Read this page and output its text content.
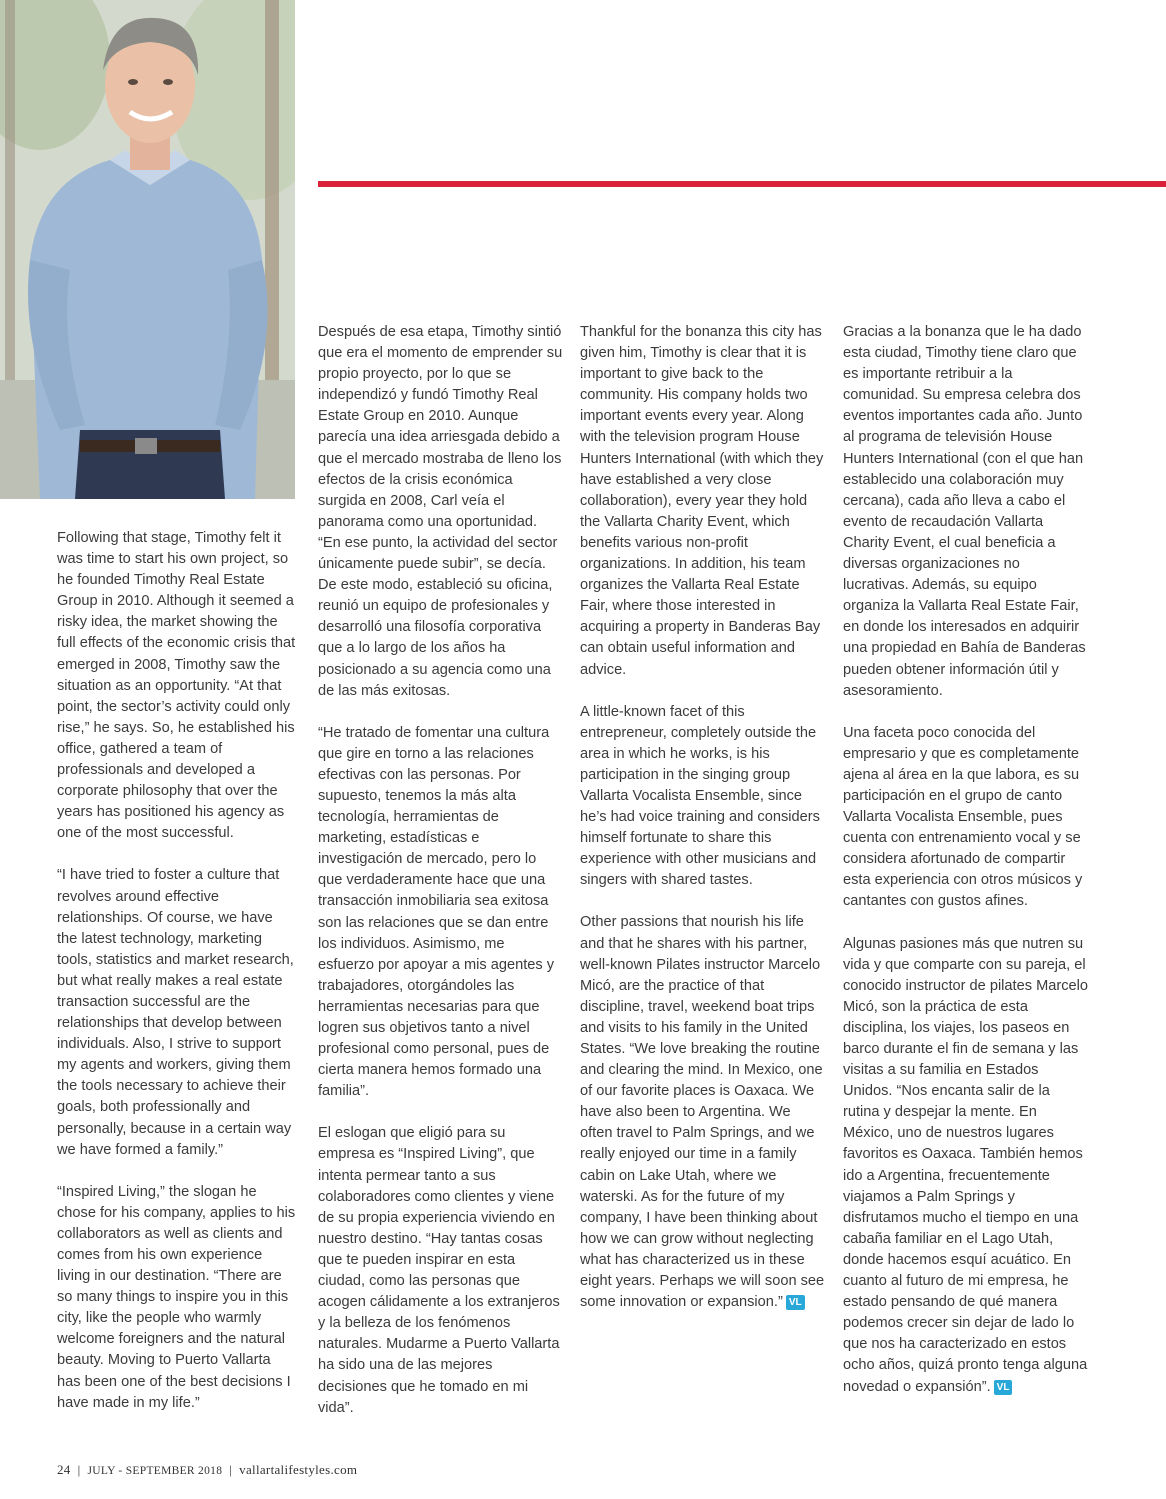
Following that stage, Timothy felt it was time to start his own project, so he founded Timothy Real Estate Group in 2010. Although it seemed a risky idea, the market showing the full effects of the economic crisis that emerged in 2008, Timothy saw the situation as an opportunity. “At that point, the sector’s activity could only rise,” he says. So, he established his office, gathered a team of professionals and developed a corporate philosophy that over the years has positioned his agency as one of the most successful.

“I have tried to foster a culture that revolves around effective relationships. Of course, we have the latest technology, marketing tools, statistics and market research, but what really makes a real estate transaction successful are the relationships that develop between individuals. Also, I strive to support my agents and workers, giving them the tools necessary to achieve their goals, both professionally and personally, because in a certain way we have formed a family.”

“Inspired Living,” the slogan he chose for his company, applies to his collaborators as well as clients and comes from his own experience living in our destination. “There are so many things to inspire you in this city, like the people who warmly welcome foreigners and the natural beauty. Moving to Puerto Vallarta has been one of the best decisions I have made in my life.”

Después de esa etapa, Timothy sintió que era el momento de emprender su propio proyecto, por lo que se independizó y fundó Timothy Real Estate Group en 2010. Aunque parecía una idea arriesgada debido a que el mercado mostraba de lleno los efectos de la crisis económica surgida en 2008, Carl veía el panorama como una oportunidad. “En ese punto, la actividad del sector únicamente puede subir”, se decía. De este modo, estableció su oficina, reunió un equipo de profesionales y desarrolló una filosofía corporativa que a lo largo de los años ha posicionado a su agencia como una de las más exitosas.

“He tratado de fomentar una cultura que gire en torno a las relaciones efectivas con las personas. Por supuesto, tenemos la más alta tecnología, herramientas de marketing, estadísticas e investigación de mercado, pero lo que verdaderamente hace que una transacción inmobiliaria sea exitosa son las relaciones que se dan entre los individuos. Asimismo, me esfuerzo por apoyar a mis agentes y trabajadores, otorgándoles las herramientas necesarias para que logren sus objetivos tanto a nivel profesional como personal, pues de cierta manera hemos formado una familia”.

El eslogan que eligió para su empresa es “Inspired Living”, que intenta permear tanto a sus colaboradores como clientes y viene de su propia experiencia viviendo en nuestro destino. “Hay tantas cosas que te pueden inspirar en esta ciudad, como las personas que acogen cálidamente a los extranjeros y la belleza de los fenómenos naturales. Mudarme a Puerto Vallarta ha sido una de las mejores decisiones que he tomado en mi vida”.

Thankful for the bonanza this city has given him, Timothy is clear that it is important to give back to the community. His company holds two important events every year. Along with the television program House Hunters International (with which they have established a very close collaboration), every year they hold the Vallarta Charity Event, which benefits various non-profit organizations. In addition, his team organizes the Vallarta Real Estate Fair, where those interested in acquiring a property in Banderas Bay can obtain useful information and advice.

A little-known facet of this entrepreneur, completely outside the area in which he works, is his participation in the singing group Vallarta Vocalista Ensemble, since he’s had voice training and considers himself fortunate to share this experience with other musicians and singers with shared tastes.

Other passions that nourish his life and that he shares with his partner, well-known Pilates instructor Marcelo Micó, are the practice of that discipline, travel, weekend boat trips and visits to his family in the United States. “We love breaking the routine and clearing the mind. In Mexico, one of our favorite places is Oaxaca. We have also been to Argentina. We often travel to Palm Springs, and we really enjoyed our time in a family cabin on Lake Utah, where we waterski. As for the future of my company, I have been thinking about how we can grow without neglecting what has characterized us in these eight years. Perhaps we will soon see some innovation or expansion.” VL

Gracias a la bonanza que le ha dado esta ciudad, Timothy tiene claro que es importante retribuir a la comunidad. Su empresa celebra dos eventos importantes cada año. Junto al programa de televisión House Hunters International (con el que han establecido una colaboración muy cercana), cada año lleva a cabo el evento de recaudación Vallarta Charity Event, el cual beneficia a diversas organizaciones no lucrativas. Además, su equipo organiza la Vallarta Real Estate Fair, en donde los interesados en adquirir una propiedad en Bahía de Banderas pueden obtener información útil y asesoramiento.

Una faceta poco conocida del empresario y que es completamente ajena al área en la que labora, es su participación en el grupo de canto Vallarta Vocalista Ensemble, pues cuenta con entrenamiento vocal y se considera afortunado de compartir esta experiencia con otros músicos y cantantes con gustos afines.

Algunas pasiones más que nutren su vida y que comparte con su pareja, el conocido instructor de pilates Marcelo Micó, son la práctica de esta disciplina, los viajes, los paseos en barco durante el fin de semana y las visitas a su familia en Estados Unidos. “Nos encanta salir de la rutina y despejar la mente. En México, uno de nuestros lugares favoritos es Oaxaca. También hemos ido a Argentina, frecuentemente viajamos a Palm Springs y disfrutamos mucho el tiempo en una cabaña familiar en el Lago Utah, donde hacemos esquí acuático. En cuanto al futuro de mi empresa, he estado pensando de qué manera podemos crecer sin dejar de lado lo que nos ha caracterizado en estos ocho años, quizá pronto tenga alguna novedad o expansión”. VL

24 | JULY - SEPTEMBER 2018 | vallartalifestyles.com
